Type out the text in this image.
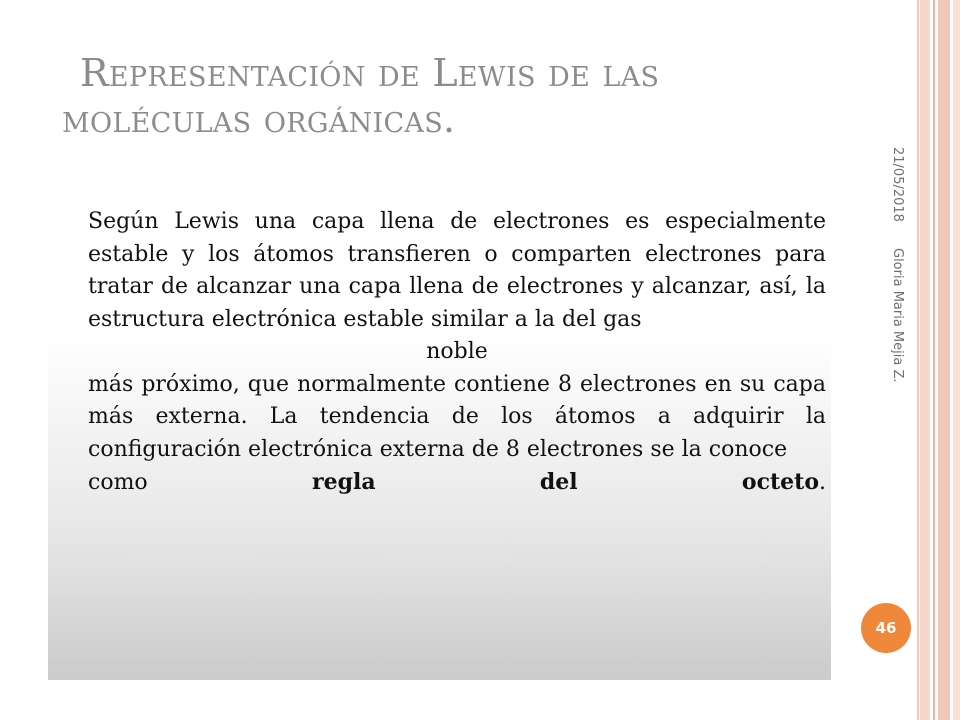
Representación de Lewis de las
moléculas orgánicas.

Según Lewis una capa llena de electrones es especialmente estable y los átomos transfieren o comparten electrones para tratar de alcanzar una capa llena de electrones y alcanzar, así, la estructura electrónica estable similar a la del gas
noble
más próximo, que normalmente contiene 8 electrones en su capa más externa. La tendencia de los átomos a adquirir la configuración electrónica externa de 8 electrones se la conoce
como	regla	del	octeto.

21/05/2018
Gloria Maria Mejia Z.
46
